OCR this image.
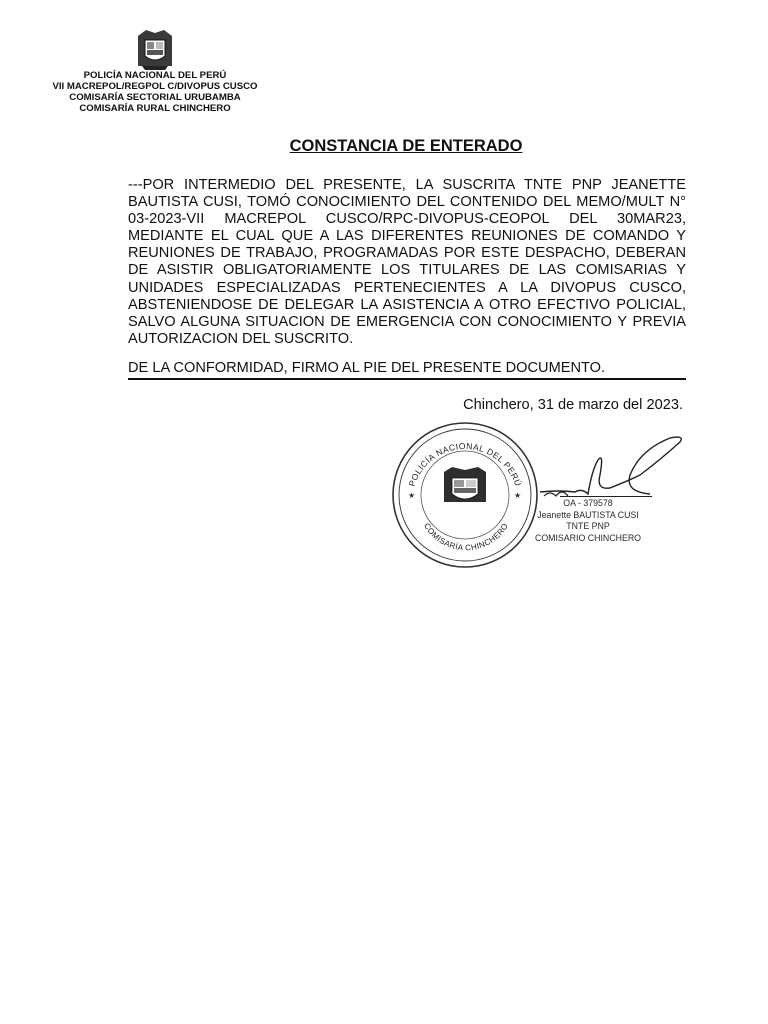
POLICÍA NACIONAL DEL PERÚ
VII MACREPOL/REGPOL C/DIVOPUS CUSCO
COMISARÍA SECTORIAL URUBAMBA
COMISARÍA RURAL CHINCHERO
CONSTANCIA DE ENTERADO
---POR INTERMEDIO DEL PRESENTE, LA SUSCRITA TNTE PNP JEANETTE BAUTISTA CUSI, TOMÓ CONOCIMIENTO DEL CONTENIDO DEL MEMO/MULT N° 03-2023-VII MACREPOL CUSCO/RPC-DIVOPUS-CEOPOL DEL 30MAR23, MEDIANTE EL CUAL QUE A LAS DIFERENTES REUNIONES DE COMANDO Y REUNIONES DE TRABAJO, PROGRAMADAS POR ESTE DESPACHO, DEBERAN DE ASISTIR OBLIGATORIAMENTE LOS TITULARES DE LAS COMISARIAS Y UNIDADES ESPECIALIZADAS PERTENECIENTES A LA DIVOPUS CUSCO, ABSTENIENDOSE DE DELEGAR LA ASISTENCIA A OTRO EFECTIVO POLICIAL, SALVO ALGUNA SITUACION DE EMERGENCIA CON CONOCIMIENTO Y PREVIA AUTORIZACION DEL SUSCRITO.
DE LA CONFORMIDAD, FIRMO AL PIE DEL PRESENTE DOCUMENTO.
Chinchero, 31 de marzo del 2023.
POLICÍA NACIONAL DEL PERÚ
COMISARÍA CHINCHERO
★	★
OA - 379578
Jeanette BAUTISTA CUSI
TNTE PNP
COMISARIO CHINCHERO
